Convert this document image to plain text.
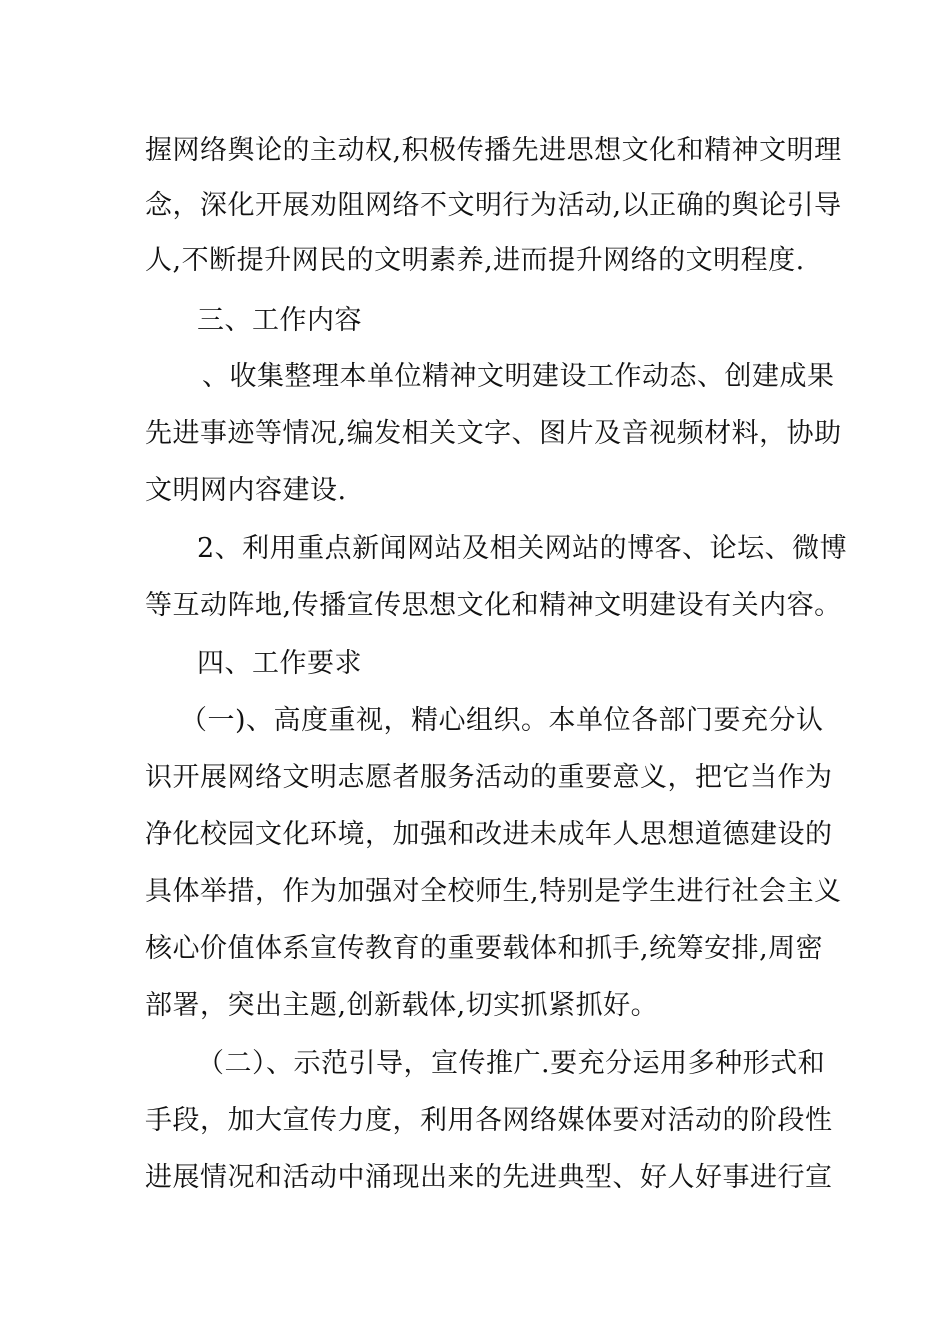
握网络舆论的主动权,积极传播先进思想文化和精神文明理
念，深化开展劝阻网络不文明行为活动,以正确的舆论引导
人,不断提升网民的文明素养,进而提升网络的文明程度.
三、工作内容
、收集整理本单位精神文明建设工作动态、创建成果
先进事迹等情况,编发相关文字、图片及音视频材料，协助
文明网内容建设.
2、利用重点新闻网站及相关网站的博客、论坛、微博
等互动阵地,传播宣传思想文化和精神文明建设有关内容。
四、工作要求
（一)、高度重视，精心组织。本单位各部门要充分认
识开展网络文明志愿者服务活动的重要意义，把它当作为
净化校园文化环境，加强和改进未成年人思想道德建设的
具体举措，作为加强对全校师生,特别是学生进行社会主义
核心价值体系宣传教育的重要载体和抓手,统筹安排,周密
部署，突出主题,创新载体,切实抓紧抓好。
（二）、示范引导，宣传推广.要充分运用多种形式和
手段，加大宣传力度，利用各网络媒体要对活动的阶段性
进展情况和活动中涌现出来的先进典型、好人好事进行宣
